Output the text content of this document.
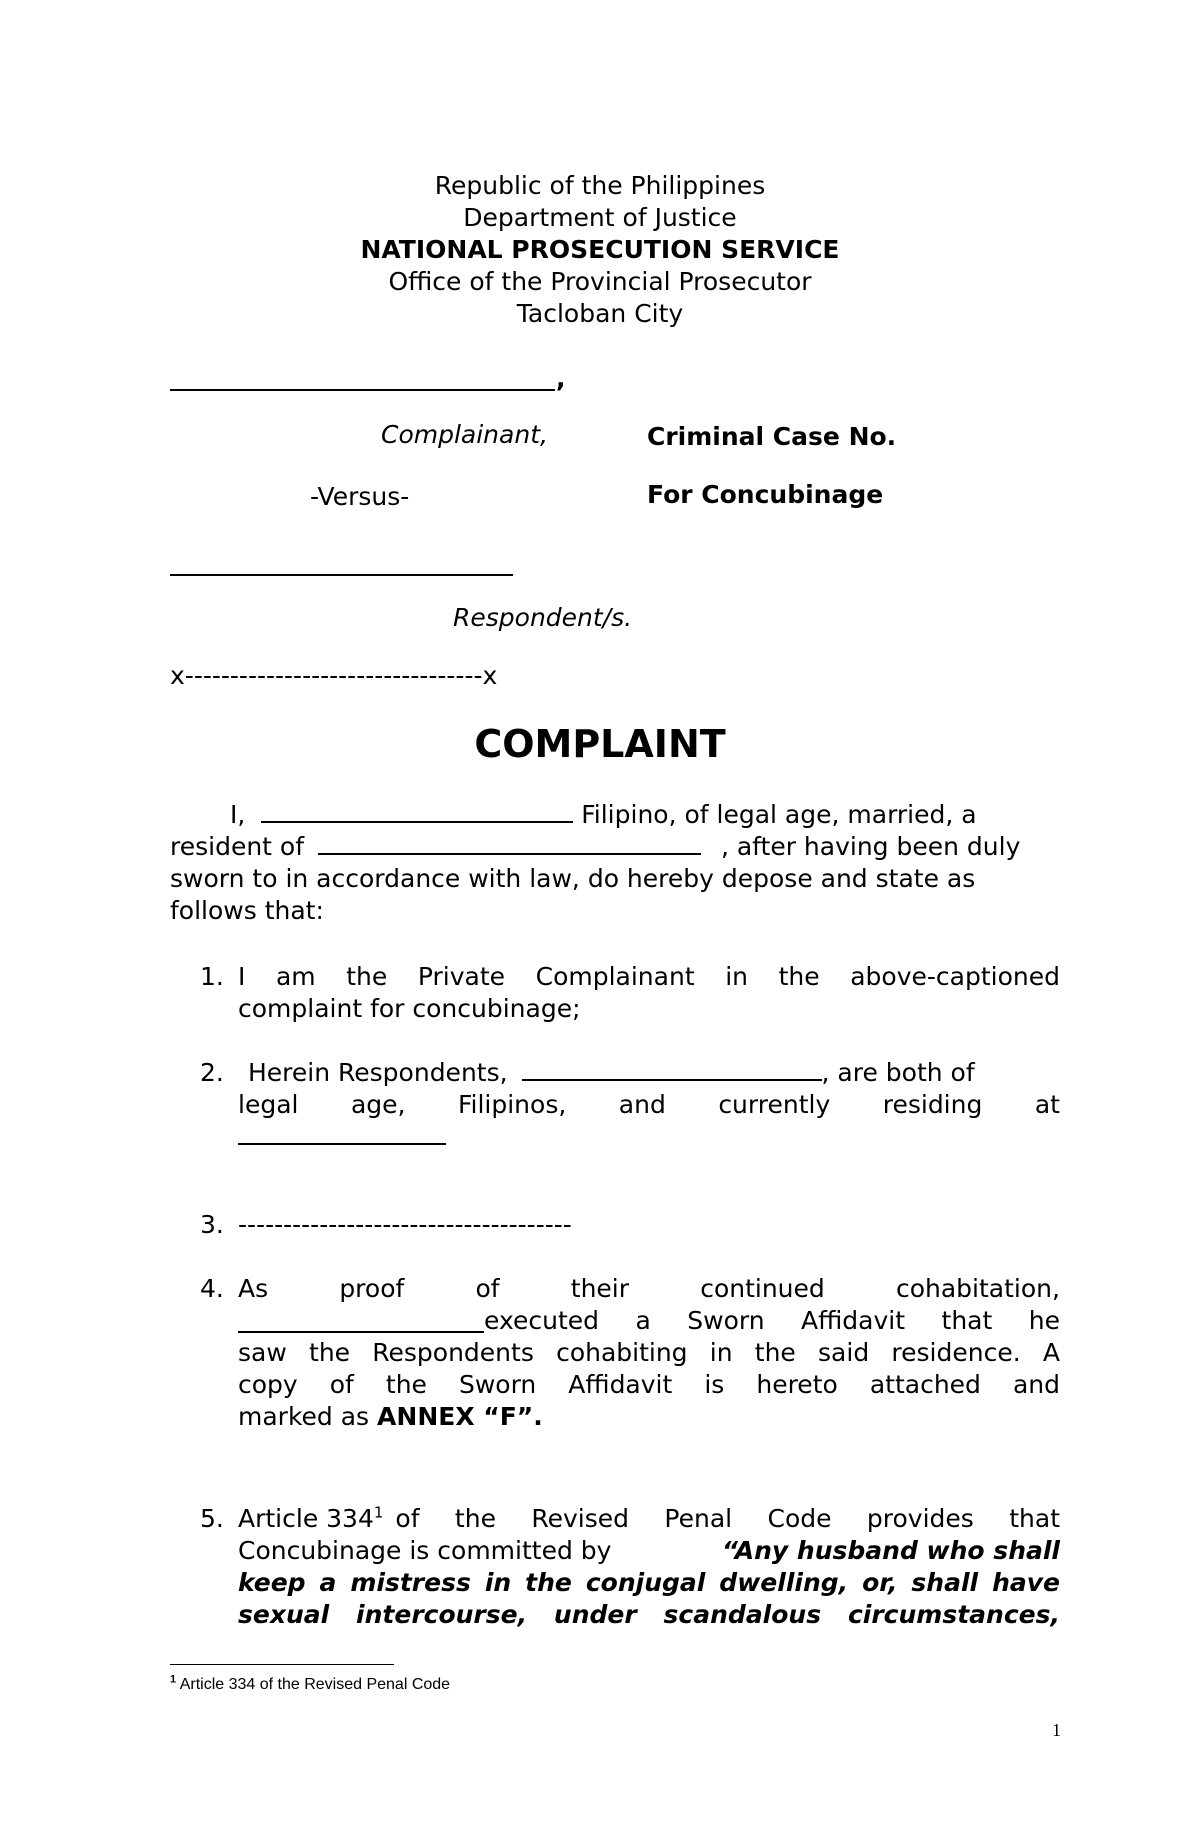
Republic of the Philippines
Department of Justice
NATIONAL PROSECUTION SERVICE
Office of the Provincial Prosecutor
Tacloban City
,
Complainant,	Criminal Case No.
-Versus-	For Concubinage
Respondent/s.
x---------------------------------x
COMPLAINT
I,	Filipino, of legal age, married, a
resident of	, after having been duly
sworn to in accordance with law, do hereby depose and state as
follows that:
1. I am the Private Complainant in the above-captioned
complaint for concubinage;
2. Herein Respondents,	, are both of
legal age, Filipinos, and currently residing at
3. -------------------------------------
4. As	proof	of	their	continued	cohabitation,
executed a Sworn Affidavit that he
saw the Respondents cohabiting in the said residence. A
copy of the Sworn Affidavit is hereto attached and
marked as ANNEX “F”.
5. Article $334^1$ of the Revised Penal Code provides that
Concubinage is committed by	“Any husband who shall
keep a mistress in the conjugal dwelling, or, shall have
sexual intercourse, under scandalous circumstances,
$^1$ Article 334 of the Revised Penal Code
1
